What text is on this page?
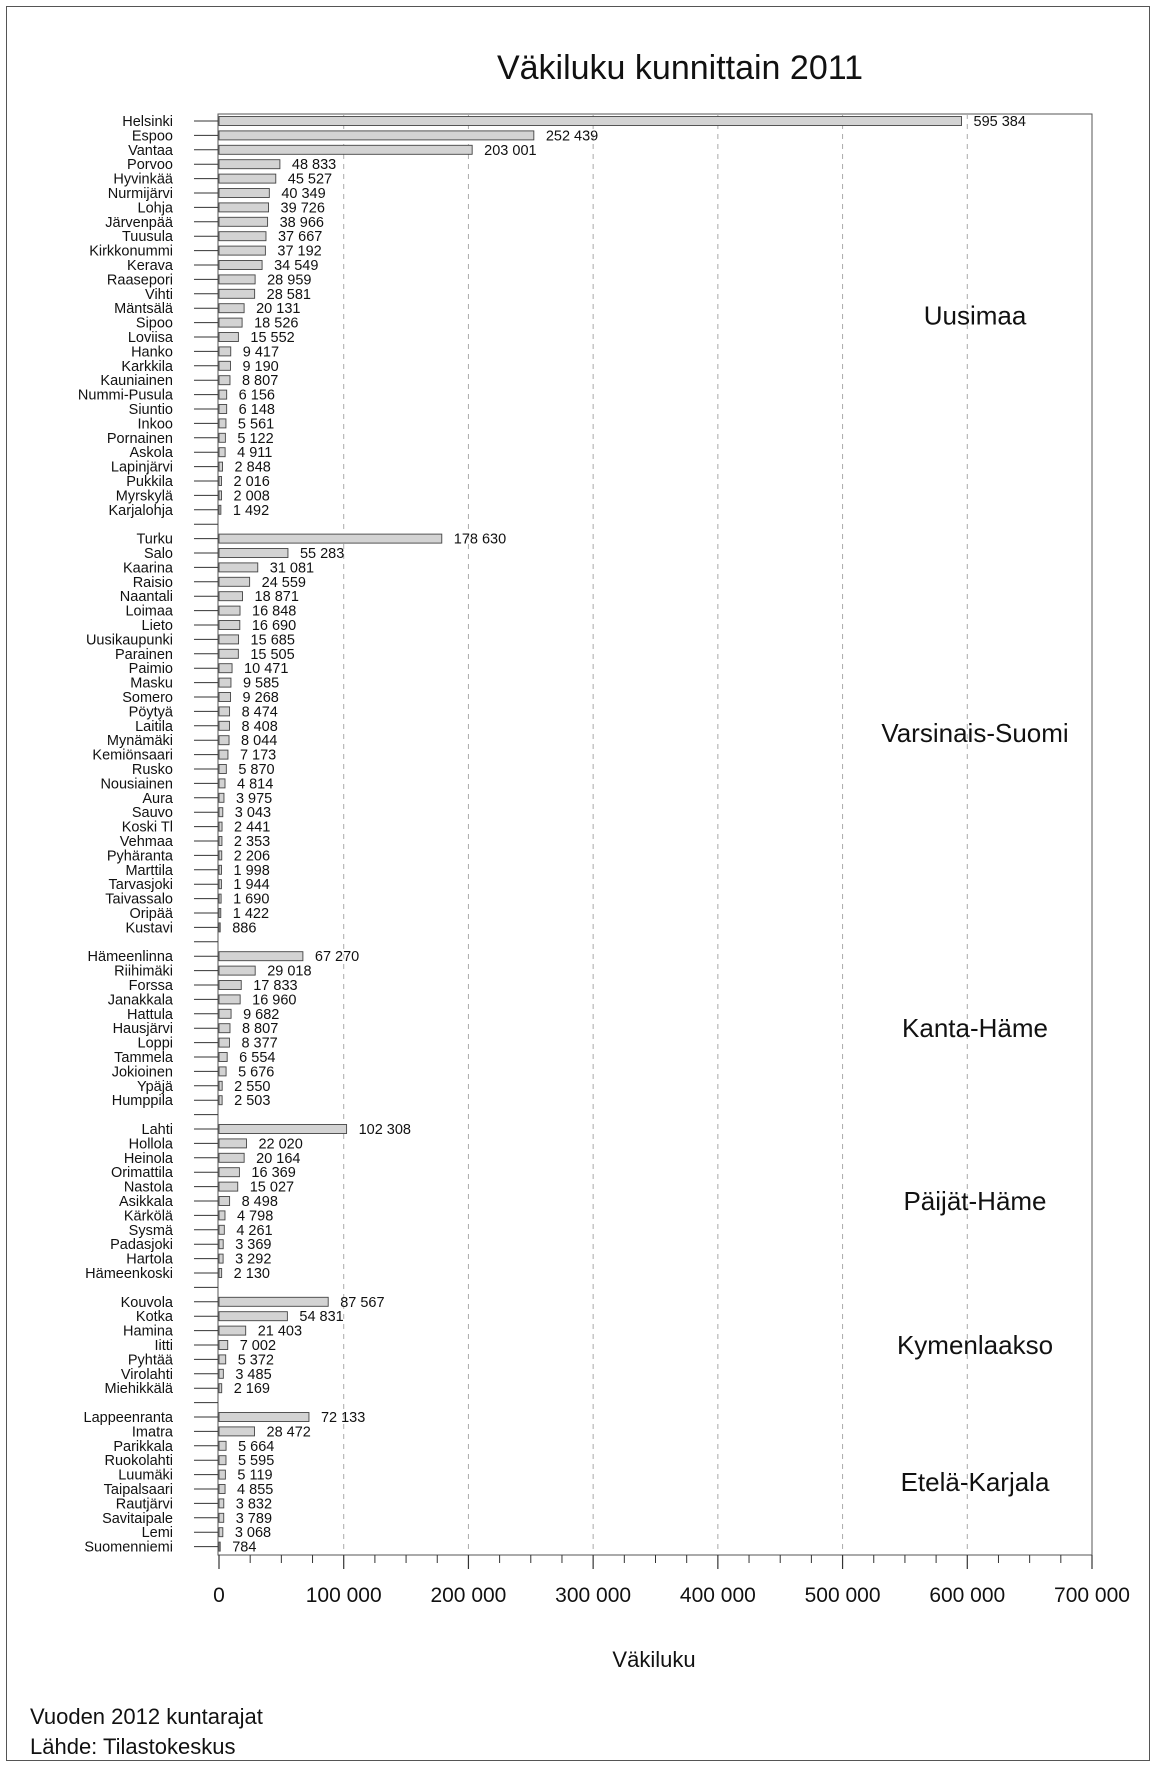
Väkiluku kunnittain 2011
Väkiluku
0	100 000 200 000 300 000 400 000 500 000 600 000 700 000
Helsinki	595 384
Espoo	252 439
Vantaa	203 001
Porvoo	48 833
Hyvinkää	45 527
Nurmijärvi	40 349
Lohja	39 726
Järvenpää	38 966
Tuusula	37 667
Kirkkonummi	37 192
Kerava	34 549
Raasepori	28 959
Vihti	28 581
Mäntsälä	20 131
Sipoo	18 526
Loviisa	15 552
Hanko	9 417
Karkkila	9 190
Kauniainen	8 807
Nummi-Pusula	6 156
Siuntio	6 148
Inkoo	5 561
Pornainen	5 122
Askola	4 911
Lapinjärvi	2 848
Pukkila	2 016
Myrskylä	2 008
Karjalohja	1 492
Uusimaa
Turku	178 630
Salo	55 283
Kaarina	31 081
Raisio	24 559
Naantali	18 871
Loimaa	16 848
Lieto	16 690
Uusikaupunki	15 685
Parainen	15 505
Paimio	10 471
Masku	9 585
Somero	9 268
Pöytyä	8 474
Laitila	8 408
Mynämäki	8 044
Kemiönsaari	7 173
Rusko	5 870
Nousiainen	4 814
Aura	3 975
Sauvo	3 043
Koski Tl	2 441
Vehmaa	2 353
Pyhäranta	2 206
Marttila	1 998
Tarvasjoki	1 944
Taivassalo	1 690
Oripää	1 422
Kustavi	886
Varsinais-Suomi
Hämeenlinna	67 270
Riihimäki	29 018
Forssa	17 833
Janakkala	16 960
Hattula	9 682
Hausjärvi	8 807
Loppi	8 377
Tammela	6 554
Jokioinen	5 676
Ypäjä	2 550
Humppila	2 503
Kanta-Häme
Lahti	102 308
Hollola	22 020
Heinola	20 164
Orimattila	16 369
Nastola	15 027
Asikkala	8 498
Kärkölä	4 798
Sysmä	4 261
Padasjoki	3 369
Hartola	3 292
Hämeenkoski	2 130
Päijät-Häme
Kouvola	87 567
Kotka	54 831
Hamina	21 403
Iitti	7 002
Pyhtää	5 372
Virolahti	3 485
Miehikkälä	2 169
Kymenlaakso
Lappeenranta	72 133
Imatra	28 472
Parikkala	5 664
Ruokolahti	5 595
Luumäki	5 119
Taipalsaari	4 855
Rautjärvi	3 832
Savitaipale	3 789
Lemi	3 068
Suomenniemi	784
Etelä-Karjala
Vuoden 2012 kuntarajat
Lähde: Tilastokeskus
